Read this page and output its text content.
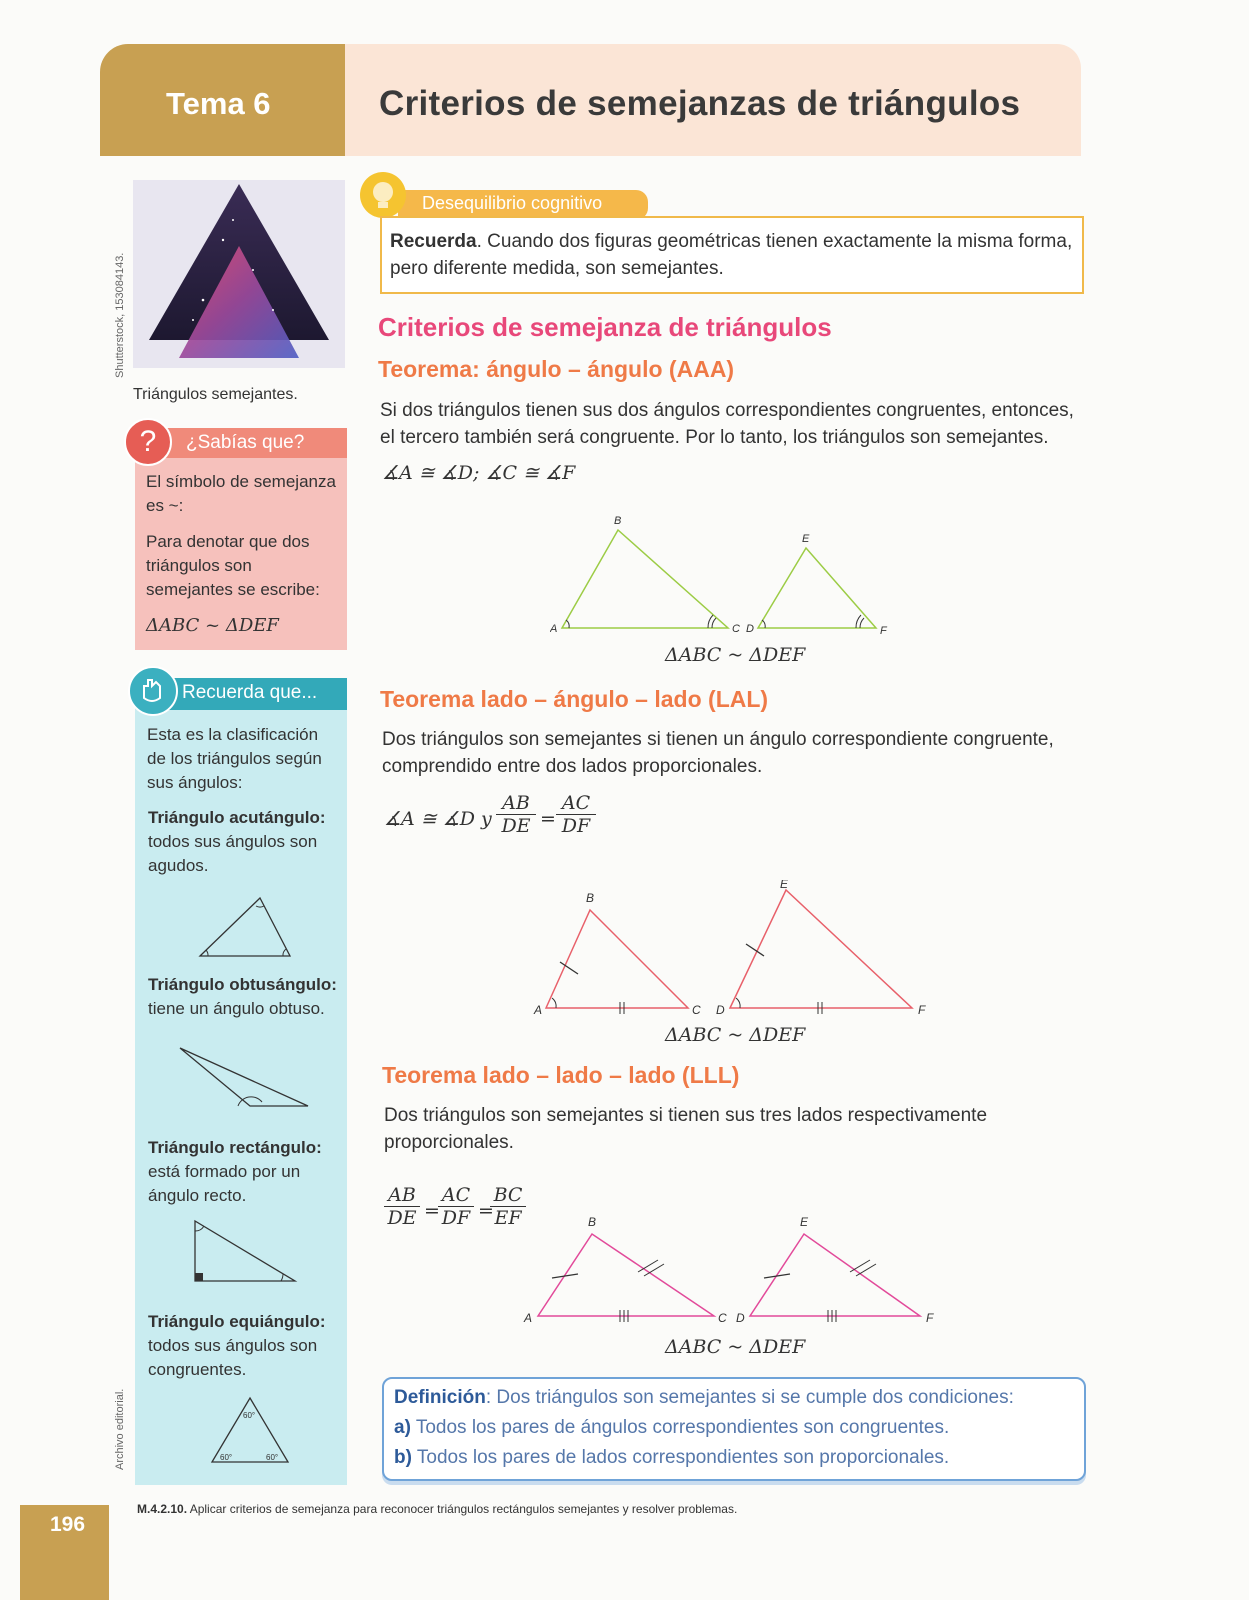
Tema 6	Criterios de semejanzas de triángulos
Shutterstock, 153084143.
Triángulos semejantes.
¿Sabías que?
?
El símbolo de semejanza es ~:
Para denotar que dos triángulos son semejantes se escribe:
ΔABC ~ ΔDEF
Recuerda que...
Esta es la clasificación de los triángulos según sus ángulos:
Triángulo acutángulo:
todos sus ángulos son agudos.
Triángulo obtusángulo:
tiene un ángulo obtuso.
Triángulo rectángulo:
está formado por un ángulo recto.
Triángulo equiángulo:
todos sus ángulos son congruentes.
60°
60°	60°
Archivo editorial.
196
Desequilibrio cognitivo
Recuerda. Cuando dos figuras geométricas tienen exactamente la misma forma, pero diferente medida, son semejantes.
Criterios de semejanza de triángulos
Teorema: ángulo – ángulo (AAA)
Si dos triángulos tienen sus dos ángulos correspondientes congruentes, entonces, el tercero también será congruente. Por lo tanto, los triángulos son semejantes.
∡A ≅ ∡D; ∡C ≅ ∡F
A
B
C D
E
F
ΔABC ~ ΔDEF
Teorema lado – ángulo – lado (LAL)
Dos triángulos son semejantes si tienen un ángulo correspondiente congruente, comprendido entre dos lados proporcionales.
∡A ≅ ∡D y
AB
DE =
AC
DF
A
B
C D
E
F
ΔABC ~ ΔDEF
Teorema lado – lado – lado (LLL)
Dos triángulos son semejantes si tienen sus tres lados respectivamente proporcionales.
AB
DE =
AC
DF =
BC
EF
A
B
C D
E
F
ΔABC ~ ΔDEF
Definición: Dos triángulos son semejantes si se cumple dos condiciones:
a) Todos los pares de ángulos correspondientes son congruentes.
b) Todos los pares de lados correspondientes son proporcionales.
M.4.2.10. Aplicar criterios de semejanza para reconocer triángulos rectángulos semejantes y resolver problemas.
